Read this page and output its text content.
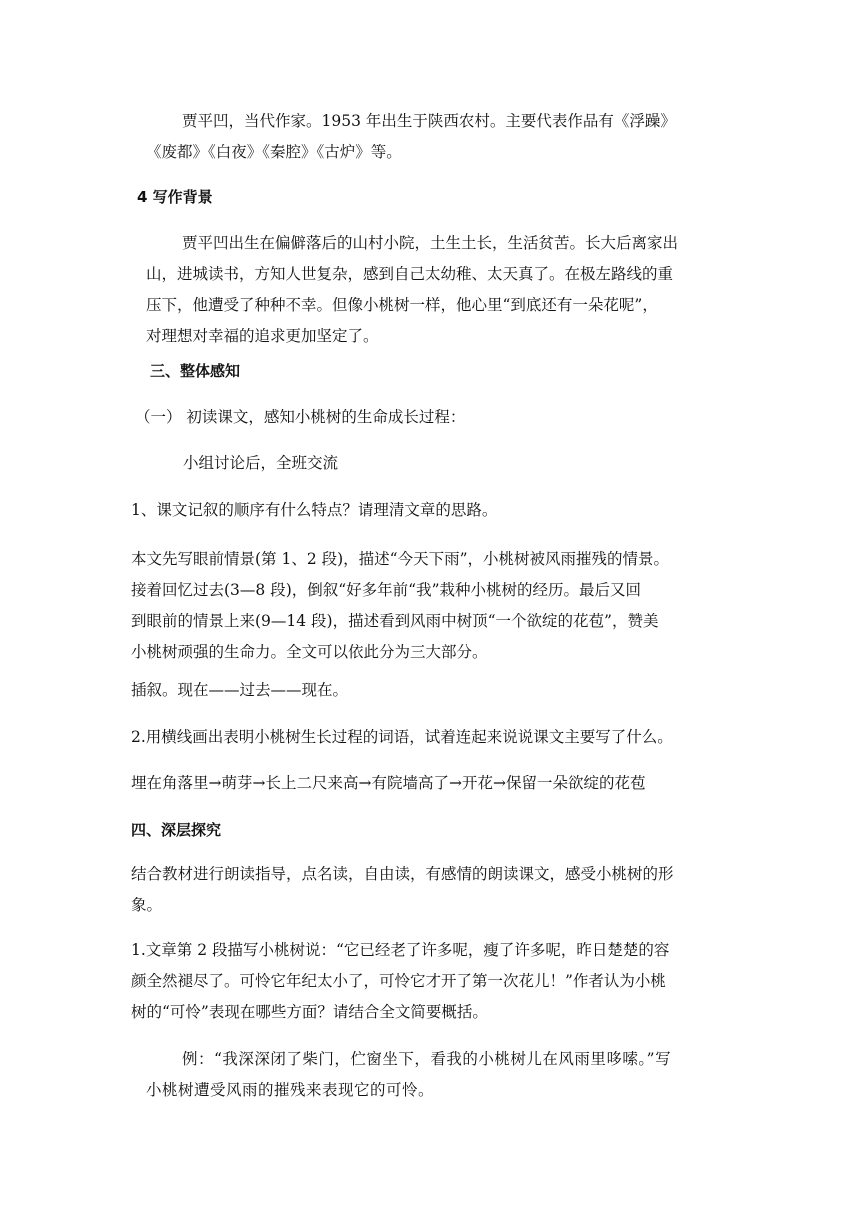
贾平凹，当代作家。1953 年出生于陕西农村。主要代表作品有《浮躁》
《废都》《白夜》《秦腔》《古炉》等。
4 写作背景
贾平凹出生在偏僻落后的山村小院，土生土长，生活贫苦。长大后离家出
山，进城读书，方知人世复杂，感到自己太幼稚、太天真了。在极左路线的重
压下，他遭受了种种不幸。但像小桃树一样，他心里“到底还有一朵花呢”，
对理想对幸福的追求更加坚定了。
三、整体感知
（一） 初读课文，感知小桃树的生命成长过程：
小组讨论后，全班交流
1、课文记叙的顺序有什么特点？请理清文章的思路。
本文先写眼前情景(第 1、2 段)，描述“今天下雨”，小桃树被风雨摧残的情景。
接着回忆过去(3—8 段)，倒叙“好多年前“我”栽种小桃树的经历。最后又回
到眼前的情景上来(9—14 段)，描述看到风雨中树顶“一个欲绽的花苞”，赞美
小桃树顽强的生命力。全文可以依此分为三大部分。
插叙。现在——过去——现在。
2.用横线画出表明小桃树生长过程的词语，试着连起来说说课文主要写了什么。
埋在角落里→萌芽→长上二尺来高→有院墙高了→开花→保留一朵欲绽的花苞
四、深层探究
结合教材进行朗读指导，点名读，自由读，有感情的朗读课文，感受小桃树的形
象。
1.文章第 2 段描写小桃树说：“它已经老了许多呢，瘦了许多呢，昨日楚楚的容
颜全然褪尽了。可怜它年纪太小了，可怜它才开了第一次花儿！”作者认为小桃
树的“可怜”表现在哪些方面？请结合全文简要概括。
例：“我深深闭了柴门，伫窗坐下，看我的小桃树儿在风雨里哆嗦。”写
小桃树遭受风雨的摧残来表现它的可怜。
